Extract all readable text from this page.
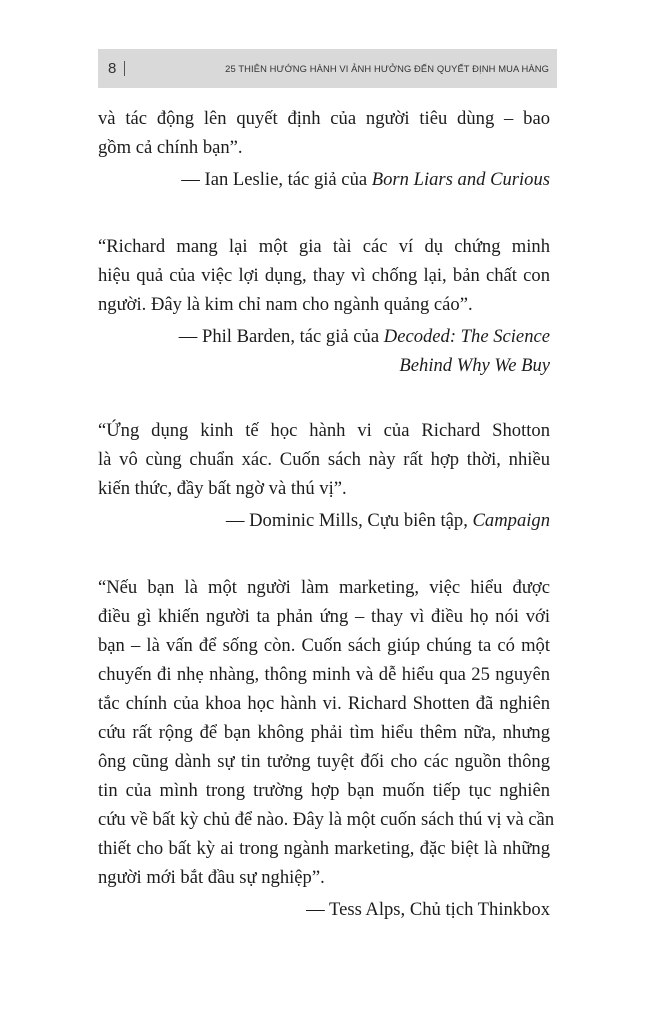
8	25 THIÊN HƯỚNG HÀNH VI ẢNH HƯỞNG ĐẾN QUYẾT ĐỊNH MUA HÀNG

và tác động lên quyết định của người tiêu dùng – bao
gồm cả chính bạn”.

— Ian Leslie, tác giả của Born Liars and Curious

“Richard mang lại một gia tài các ví dụ chứng minh
hiệu quả của việc lợi dụng, thay vì chống lại, bản chất con
người. Đây là kim chỉ nam cho ngành quảng cáo”.

— Phil Barden, tác giả của Decoded: The Science
Behind Why We Buy

“Ứng dụng kinh tế học hành vi của Richard Shotton
là vô cùng chuẩn xác. Cuốn sách này rất hợp thời, nhiều
kiến thức, đầy bất ngờ và thú vị”.

— Dominic Mills, Cựu biên tập, Campaign

“Nếu bạn là một người làm marketing, việc hiểu được
điều gì khiến người ta phản ứng – thay vì điều họ nói với
bạn – là vấn để sống còn. Cuốn sách giúp chúng ta có một
chuyến đi nhẹ nhàng, thông minh và dễ hiểu qua 25 nguyên
tắc chính của khoa học hành vi. Richard Shotten đã nghiên
cứu rất rộng để bạn không phải tìm hiểu thêm nữa, nhưng
ông cũng dành sự tin tưởng tuyệt đối cho các nguồn thông
tin của mình trong trường hợp bạn muốn tiếp tục nghiên
cứu về bất kỳ chủ để nào. Đây là một cuốn sách thú vị và cần
thiết cho bất kỳ ai trong ngành marketing, đặc biệt là những
người mới bắt đầu sự nghiệp”.

— Tess Alps, Chủ tịch Thinkbox
